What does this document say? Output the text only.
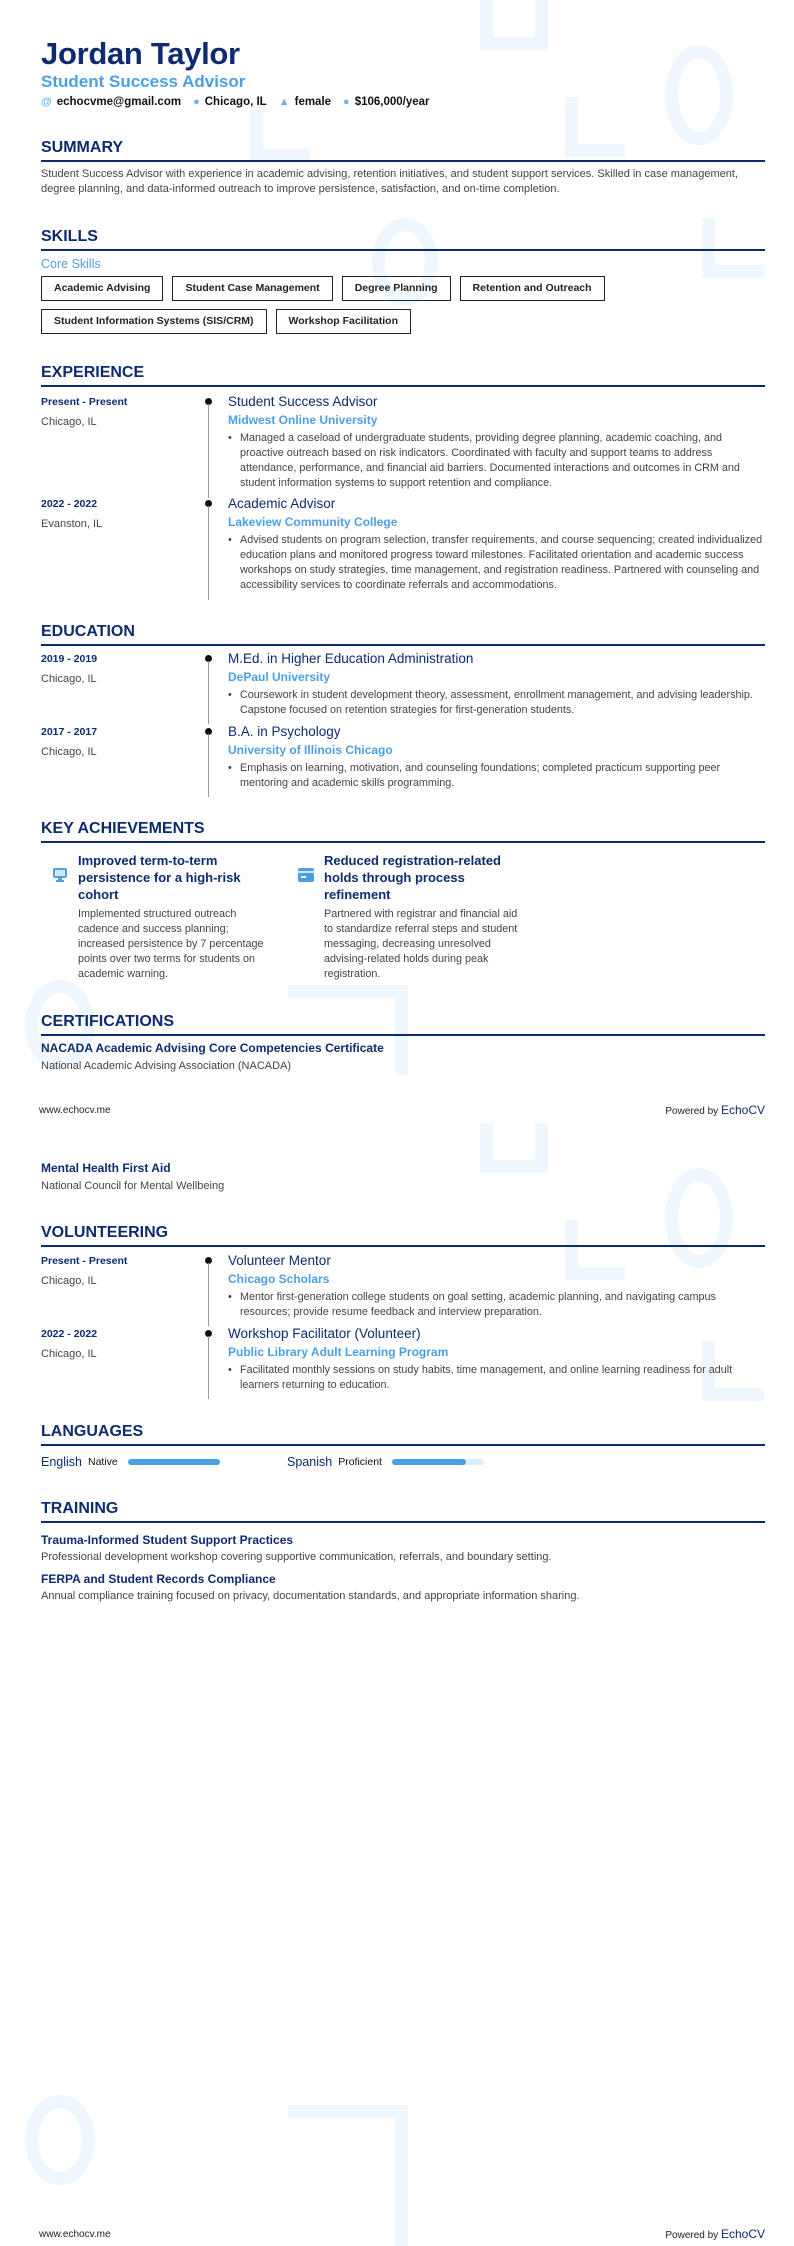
Jordan Taylor
Student Success Advisor
@ echocvme@gmail.com ● Chicago, IL ▲ female ● $106,000/year
SUMMARY
Student Success Advisor with experience in academic advising, retention initiatives, and student support services. Skilled in case management, degree planning, and data-informed outreach to improve persistence, satisfaction, and on-time completion.
SKILLS
Core Skills
Academic Advising	Student Case Management	Degree Planning	Retention and Outreach
Student Information Systems (SIS/CRM)	Workshop Facilitation
EXPERIENCE
Present - Present
Chicago, IL
Student Success Advisor
Midwest Online University
• Managed a caseload of undergraduate students, providing degree planning, academic coaching, and proactive outreach based on risk indicators. Coordinated with faculty and support teams to address attendance, performance, and financial aid barriers. Documented interactions and outcomes in CRM and student information systems to support retention and compliance.
2022 - 2022
Evanston, IL
Academic Advisor
Lakeview Community College
• Advised students on program selection, transfer requirements, and course sequencing; created individualized education plans and monitored progress toward milestones. Facilitated orientation and academic success workshops on study strategies, time management, and registration readiness. Partnered with counseling and accessibility services to coordinate referrals and accommodations.
EDUCATION
2019 - 2019
Chicago, IL
M.Ed. in Higher Education Administration
DePaul University
• Coursework in student development theory, assessment, enrollment management, and advising leadership. Capstone focused on retention strategies for first-generation students.
2017 - 2017
Chicago, IL
B.A. in Psychology
University of Illinois Chicago
• Emphasis on learning, motivation, and counseling foundations; completed practicum supporting peer mentoring and academic skills programming.
KEY ACHIEVEMENTS
Improved term-to-term persistence for a high-risk cohort
Implemented structured outreach cadence and success planning; increased persistence by 7 percentage points over two terms for students on academic warning.
Reduced registration-related holds through process refinement
Partnered with registrar and financial aid to standardize referral steps and student messaging, decreasing unresolved advising-related holds during peak registration.
CERTIFICATIONS
NACADA Academic Advising Core Competencies Certificate
National Academic Advising Association (NACADA)
www.echocv.me	Powered by EchoCV
Mental Health First Aid
National Council for Mental Wellbeing
VOLUNTEERING
Present - Present
Chicago, IL
Volunteer Mentor
Chicago Scholars
• Mentor first-generation college students on goal setting, academic planning, and navigating campus resources; provide resume feedback and interview preparation.
2022 - 2022
Chicago, IL
Workshop Facilitator (Volunteer)
Public Library Adult Learning Program
• Facilitated monthly sessions on study habits, time management, and online learning readiness for adult learners returning to education.
LANGUAGES
English Native	Spanish Proficient
TRAINING
Trauma-Informed Student Support Practices
Professional development workshop covering supportive communication, referrals, and boundary setting.
FERPA and Student Records Compliance
Annual compliance training focused on privacy, documentation standards, and appropriate information sharing.
www.echocv.me	Powered by EchoCV
